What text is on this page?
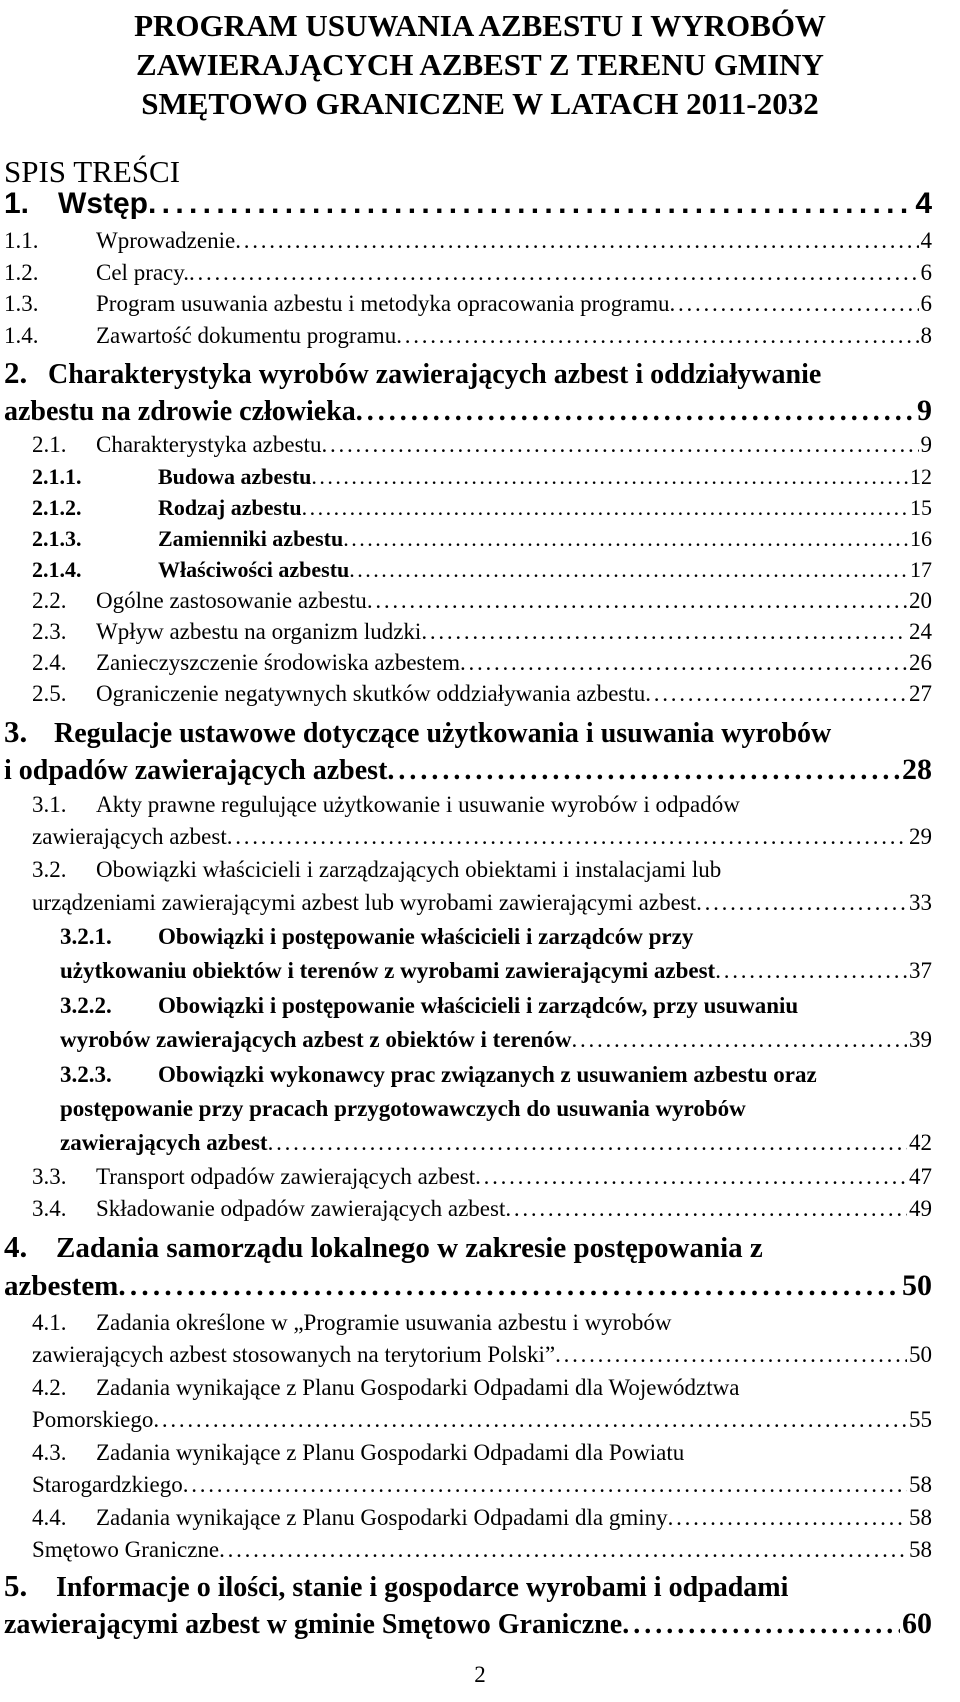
PROGRAM USUWANIA AZBESTU I WYROBÓW
ZAWIERAJĄCYCH AZBEST Z TERENU GMINY
SMĘTOWO GRANICZNE W LATACH 2011-2032
SPIS TREŚCI
1. Wstęp . . .	4
1.1.	Wprowadzenie . . .	4
1.2.	Cel pracy. . . .	6
1.3.	Program usuwania azbestu i metodyka opracowania programu . . .	6
1.4.	Zawartość dokumentu programu . . .	8
2. Charakterystyka wyrobów zawierających azbest i oddziaływanie
azbestu na zdrowie człowieka . . .	9
2.1.	Charakterystyka azbestu . . .	9
2.1.1.	Budowa azbestu . . .	12
2.1.2.	Rodzaj azbestu . . .	15
2.1.3.	Zamienniki azbestu . . .	16
2.1.4.	Właściwości azbestu . . .	17
2.2.	Ogólne zastosowanie azbestu . . .	20
2.3.	Wpływ azbestu na organizm ludzki . . .	24
2.4.	Zanieczyszczenie środowiska azbestem . . .	26
2.5.	Ograniczenie negatywnych skutków oddziaływania azbestu . . .	27
3. Regulacje ustawowe dotyczące użytkowania i usuwania wyrobów
i odpadów zawierających azbest . . .	28
3.1. Akty prawne regulujące użytkowanie i usuwanie wyrobów i odpadów
zawierających azbest . . .	29
3.2. Obowiązki właścicieli i zarządzających obiektami i instalacjami lub
urządzeniami zawierającymi azbest lub wyrobami zawierającymi azbest . . .	33
3.2.1. Obowiązki i postępowanie właścicieli i zarządców przy
użytkowaniu obiektów i terenów z wyrobami zawierającymi azbest . . .	37
3.2.2. Obowiązki i postępowanie właścicieli i zarządców, przy usuwaniu
wyrobów zawierających azbest z obiektów i terenów . . .	39
3.2.3. Obowiązki wykonawcy prac związanych z usuwaniem azbestu oraz
postępowanie przy pracach przygotowawczych do usuwania wyrobów
zawierających azbest . . .	42
3.3.	Transport odpadów zawierających azbest . . .	47
3.4.	Składowanie odpadów zawierających azbest . . .	49
4. Zadania samorządu lokalnego w zakresie postępowania z
azbestem . . .	50
4.1. Zadania określone w „Programie usuwania azbestu i wyrobów
zawierających azbest stosowanych na terytorium Polski” . . .	50
4.2. Zadania wynikające z Planu Gospodarki Odpadami dla Województwa
Pomorskiego . . .	55
4.3. Zadania wynikające z Planu Gospodarki Odpadami dla Powiatu
Starogardzkiego . . .	58
4.4.	Zadania wynikające z Planu Gospodarki Odpadami dla gminy . . .	58
Smętowo Graniczne . . .	58
5. Informacje o ilości, stanie i gospodarce wyrobami i odpadami
zawierającymi azbest w gminie Smętowo Graniczne . . .	60
2
